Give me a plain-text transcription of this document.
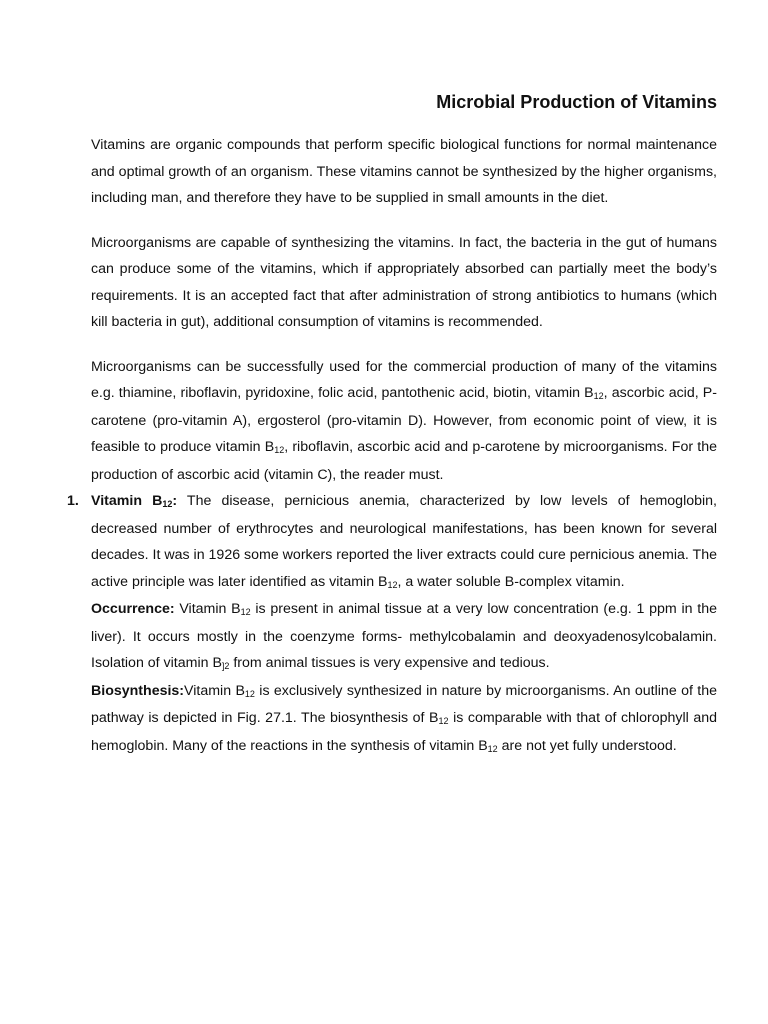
Microbial Production of Vitamins

Vitamins are organic compounds that perform specific biological functions for normal maintenance and optimal growth of an organism. These vitamins cannot be synthesized by the higher organisms, including man, and therefore they have to be supplied in small amounts in the diet.

Microorganisms are capable of synthesizing the vitamins. In fact, the bacteria in the gut of humans can produce some of the vitamins, which if appropriately absorbed can partially meet the body’s requirements. It is an accepted fact that after administration of strong antibiotics to humans (which kill bacteria in gut), additional consumption of vitamins is recommended.

Microorganisms can be successfully used for the commercial production of many of the vitamins e.g. thiamine, riboflavin, pyridoxine, folic acid, pantothenic acid, biotin, vitamin $B_{12}$, ascorbic acid, P-carotene (pro-vitamin A), ergosterol (pro-vitamin D). However, from economic point of view, it is feasible to produce vitamin $B_{12}$, riboflavin, ascorbic acid and p-carotene by microorganisms. For the production of ascorbic acid (vitamin C), the reader must.

1. Vitamin $B_{12}$: The disease, pernicious anemia, characterized by low levels of hemoglobin, decreased number of erythrocytes and neurological manifestations, has been known for several decades. It was in 1926 some workers reported the liver extracts could cure pernicious anemia. The active principle was later identified as vitamin $B_{12}$, a water soluble B-complex vitamin.

Occurrence: Vitamin $B_{12}$ is present in animal tissue at a very low concentration (e.g. 1 ppm in the liver). It occurs mostly in the coenzyme forms- methylcobalamin and deoxyadenosylcobalamin. Isolation of vitamin $B_{]2}$ from animal tissues is very expensive and tedious.

Biosynthesis:Vitamin $B_{12}$ is exclusively synthesized in nature by microorganisms. An outline of the pathway is depicted in Fig. 27.1. The biosynthesis of $B_{12}$ is comparable with that of chlorophyll and hemoglobin. Many of the reactions in the synthesis of vitamin $B_{12}$ are not yet fully understood.
